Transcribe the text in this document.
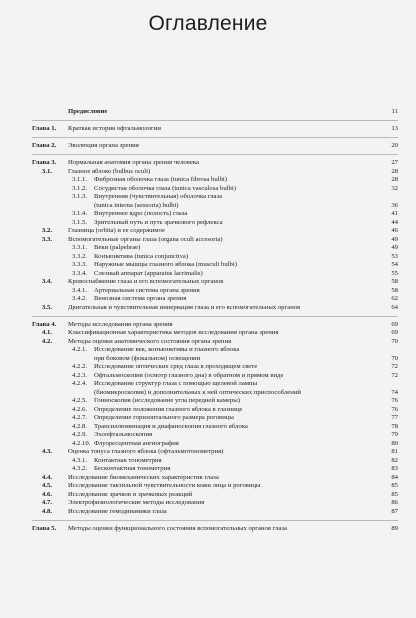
Оглавление
Предисловие	11
Глава 1. Краткая история офтальмологии	13
Глава 2. Эволюция органа зрения	20
Глава 3. Нормальная анатомия органа зрения человека	27
3.1. Глазное яблоко (bulbus oculi)	28
3.1.1. Фиброзная оболочка глаза (tunica fibrosa bulbi)	28
3.1.2. Сосудистая оболочка глаза (tunica vasculosa bulbi)	32
3.1.3. Внутренняя (чувствительная) оболочка глаза
(tunica interna (sensoria) bulbi)	36
3.1.4. Внутреннее ядро (полость) глаза	41
3.1.5. Зрительный путь и путь зрачкового рефлекса	44
3.2. Глазница (orbita) и ее содержимое	46
3.3. Вспомогательные органы глаза (organa oculi accesoria)	49
3.3.1. Веки (palpebrae)	49
3.3.2. Конъюнктива (tunica conjunctiva)	53
3.3.3. Наружные мышцы глазного яблока (musculi bulbi)	54
3.3.4. Слезный аппарат (apparatus lacrimalis)	55
3.4. Кровоснабжение глаза и его вспомогательных органов	58
3.4.1. Артериальная система органа зрения	58
3.4.2. Венозная система органа зрения	62
3.5. Двигательная и чувствительная иннервация глаза и его вспомогательных органов	64
Глава 4. Методы исследования органа зрения	69
4.1. Классификационная характеристика методов исследования органа зрения	69
4.2. Методы оценки анатомического состояния органа зрения	70
4.2.1. Исследование век, конъюнктивы и глазного яблока
при боковом (фокальном) освещении	70
4.2.2. Исследование оптических сред глаза в проходящем свете	72
4.2.3. Офтальмоскопия (осмотр глазного дна) в обратном и прямом виде	72
4.2.4. Исследование структур глаза с помощью щелевой лампы
(биомикроскопия) и дополнительных к ней оптических приспособлений	74
4.2.5. Гониоскопия (исследование угла передней камеры)	76
4.2.6. Определение положения глазного яблока в глазнице	76
4.2.7. Определение горизонтального размера роговицы	77
4.2.8. Трансиллюминация и диафаноскопия глазного яблока	78
4.2.9. Эхоофтальмоскопия	79
4.2.10. Флуоресцентная ангиография	80
4.3. Оценка тонуса глазного яблока (офтальмотонометрия)	81
4.3.1. Контактная тонометрия	82
4.3.2. Бесконтактная тонометрия	83
4.4. Исследование биомеханических характеристик глаза	84
4.5. Исследование тактильной чувствительности кожи лица и роговицы	85
4.6. Исследование зрачков и зрачковых реакций	85
4.7. Электрофизиологические методы исследования	86
4.8. Исследование гемодинамики глаза	87
Глава 5. Методы оценки функционального состояния вспомогательных органов глаза	89
